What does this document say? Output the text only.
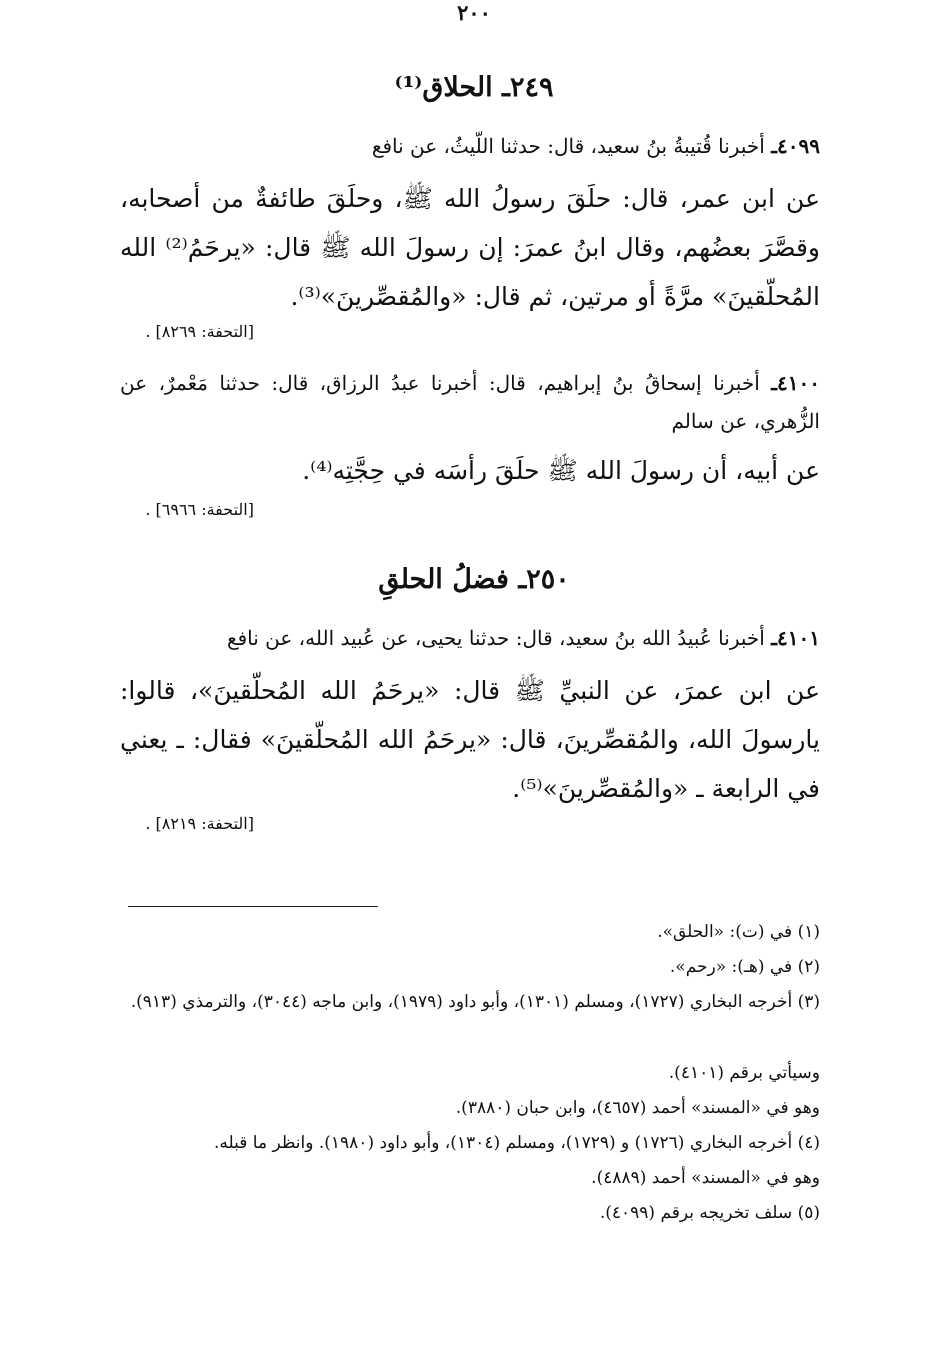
٢٤٩ـ الحلاق⁽¹⁾
٤٠٩٩ـ أخبرنا قُتيبةُ بنُ سعيد، قال: حدثنا اللّيثُ، عن نافع
عن ابن عمر، قال: حلَقَ رسولُ الله ﷺ، وحلَقَ طائفةٌ من أصحابه، وقصَّرَ بعضُهم، وقال ابنُ عمرَ: إن رسولَ الله ﷺ قال: «يرحَمُ⁽²⁾ الله المُحلّقينَ» مرَّةً أو مرتين، ثم قال: «والمُقصِّرينَ»⁽³⁾.
[التحفة: ٨٢٦٩] .
٤١٠٠ـ أخبرنا إسحاقُ بنُ إبراهيم، قال: أخبرنا عبدُ الرزاق، قال: حدثنا مَعْمرٌ، عن الزُّهري، عن سالم
عن أبيه، أن رسولَ الله ﷺ حلَقَ رأسَه في حِجَّتِه⁽⁴⁾.
[التحفة: ٦٩٦٦] .
٢٥٠ـ فضلُ الحلقِ
٤١٠١ـ أخبرنا عُبيدُ الله بنُ سعيد، قال: حدثنا يحيى، عن عُبيد الله، عن نافع
عن ابن عمرَ، عن النبيِّ ﷺ قال: «يرحَمُ الله المُحلّقينَ»، قالوا: يارسولَ الله، والمُقصِّرينَ، قال: «يرحَمُ الله المُحلّقينَ» فقال: ـ يعني في الرابعة ـ «والمُقصِّرينَ»⁽⁵⁾.
[التحفة: ٨٢١٩] .
(١) في (ت): «الحلق».
(٢) في (هـ): «رحم».
(٣) أخرجه البخاري (١٧٢٧)، ومسلم (١٣٠١)، وأبو داود (١٩٧٩)، وابن ماجه (٣٠٤٤)، والترمذي (٩١٣).
وسيأتي برقم (٤١٠١).
وهو في «المسند» أحمد (٤٦٥٧)، وابن حبان (٣٨٨٠).
(٤) أخرجه البخاري (١٧٢٦) و (١٧٢٩)، ومسلم (١٣٠٤)، وأبو داود (١٩٨٠). وانظر ما قبله.
وهو في «المسند» أحمد (٤٨٨٩).
(٥) سلف تخريجه برقم (٤٠٩٩).
٢٠٠
